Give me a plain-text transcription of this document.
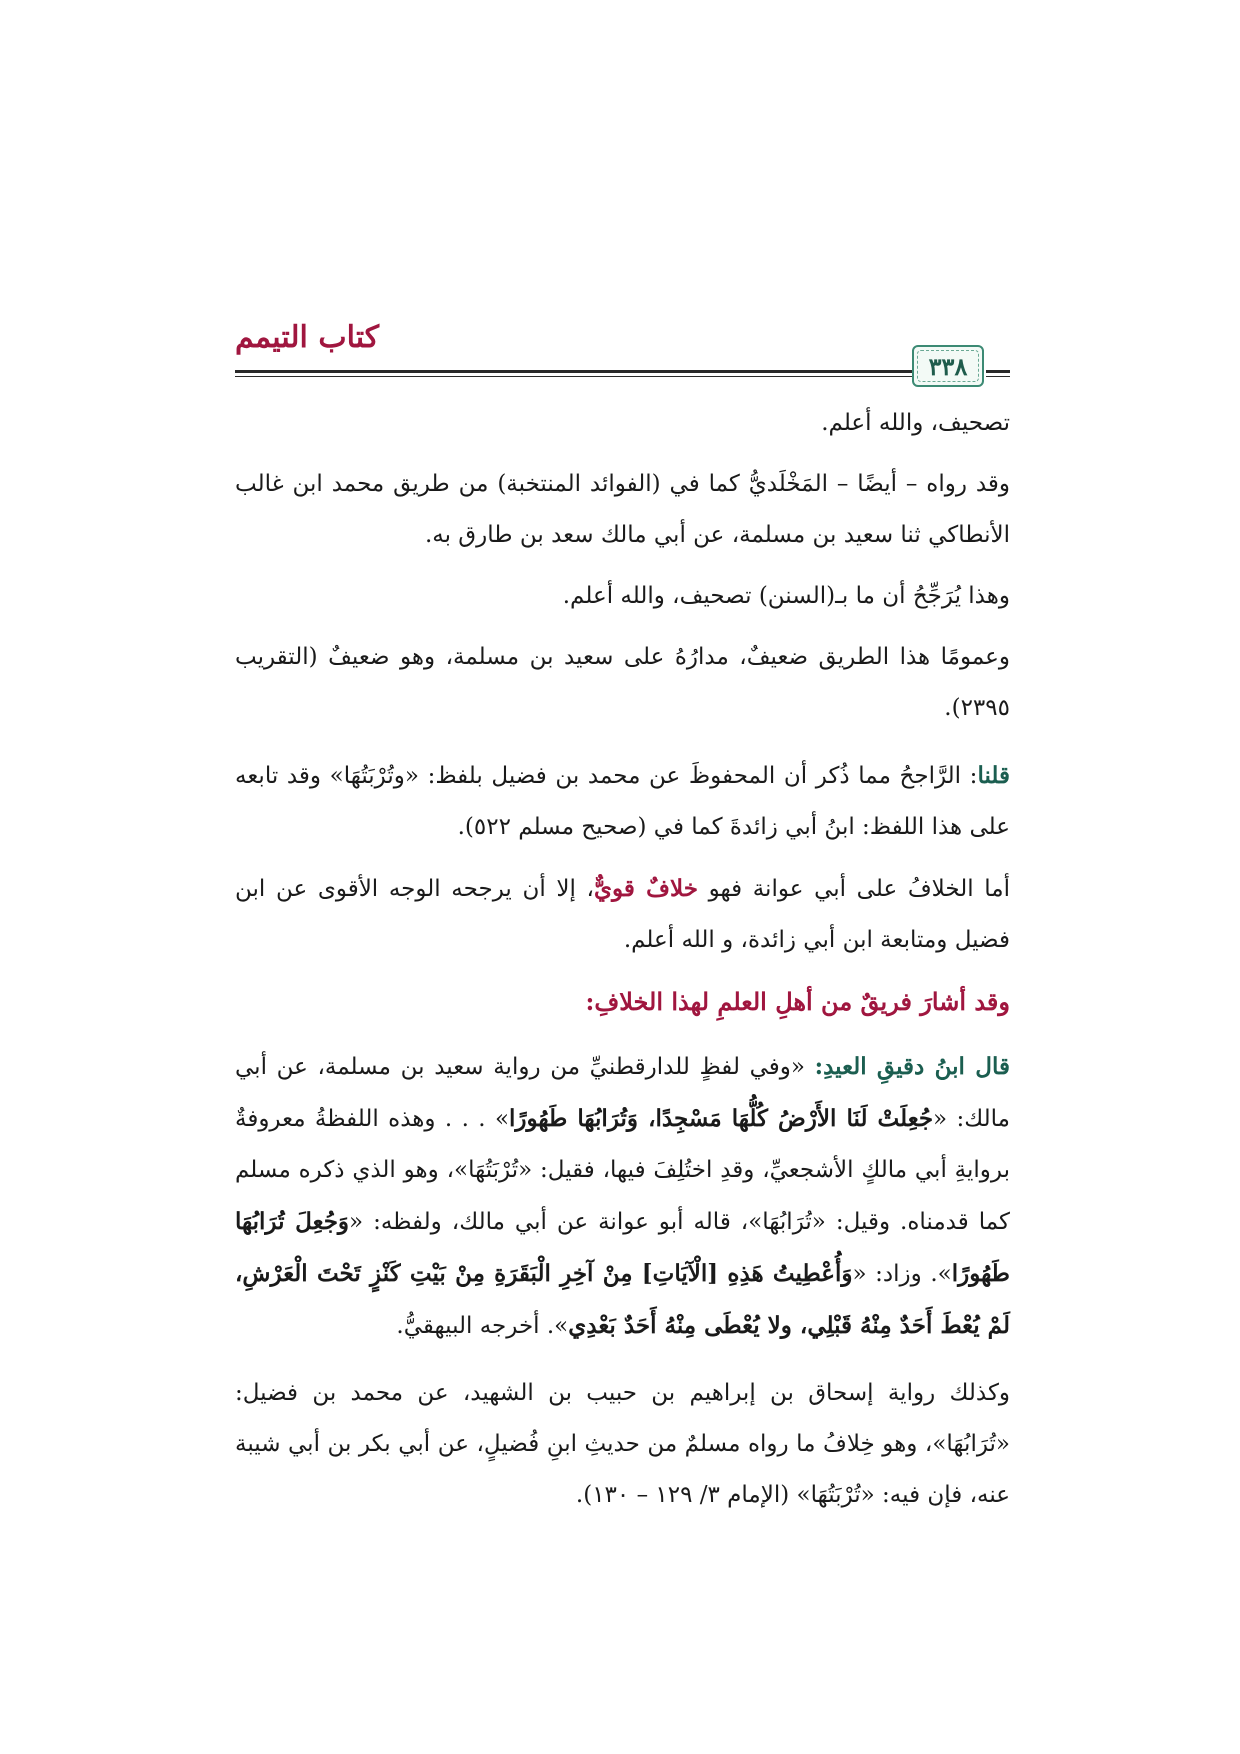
كتاب التيمم
٣٣٨

تصحيف، والله أعلم.

وقد رواه – أيضًا – المَخْلَديُّ كما في (الفوائد المنتخبة) من طريق محمد ابن غالب الأنطاكي ثنا سعيد بن مسلمة، عن أبي مالك سعد بن طارق به.

وهذا يُرَجِّحُ أن ما بـ(السنن) تصحيف، والله أعلم.

وعمومًا هذا الطريق ضعيفٌ، مدارُهُ على سعيد بن مسلمة، وهو ضعيفٌ (التقريب ٢٣٩٥).

قلنا: الرَّاجحُ مما ذُكر أن المحفوظَ عن محمد بن فضيل بلفظ: «وتُرْبَتُهَا» وقد تابعه على هذا اللفظ: ابنُ أبي زائدةَ كما في (صحيح مسلم ٥٢٢).

أما الخلافُ على أبي عوانة فهو خلافٌ قويٌّ، إلا أن يرجحه الوجه الأقوى عن ابن فضيل ومتابعة ابن أبي زائدة، و الله أعلم.

وقد أشارَ فريقٌ من أهلِ العلمِ لهذا الخلافِ:

قال ابنُ دقيقِ العيدِ: «وفي لفظٍ للدارقطنيِّ من رواية سعيد بن مسلمة، عن أبي مالك: «جُعِلَتْ لَنَا الأَرْضُ كُلُّهَا مَسْجِدًا، وَتُرَابُهَا طَهُورًا» . . . وهذه اللفظةُ معروفةٌ بروايةِ أبي مالكٍ الأشجعيِّ، وقدِ اختُلِفَ فيها، فقيل: «تُرْبَتُهَا»، وهو الذي ذكره مسلم كما قدمناه. وقيل: «تُرَابُهَا»، قاله أبو عوانة عن أبي مالك، ولفظه: «وَجُعِلَ تُرَابُهَا طَهُورًا». وزاد: «وَأُعْطِيتُ هَذِهِ [الْآيَاتِ] مِنْ آخِرِ الْبَقَرَةِ مِنْ بَيْتِ كَنْزٍ تَحْتَ الْعَرْشِ، لَمْ يُعْطَ أَحَدٌ مِنْهُ قَبْلِي، ولا يُعْطَى مِنْهُ أَحَدٌ بَعْدِي». أخرجه البيهقيُّ.

وكذلك رواية إسحاق بن إبراهيم بن حبيب بن الشهيد، عن محمد بن فضيل: «تُرَابُهَا»، وهو خِلافُ ما رواه مسلمٌ من حديثِ ابنِ فُضيلٍ، عن أبي بكر بن أبي شيبة عنه، فإن فيه: «تُرْبَتُهَا» (الإمام ٣/ ١٢٩ – ١٣٠).
